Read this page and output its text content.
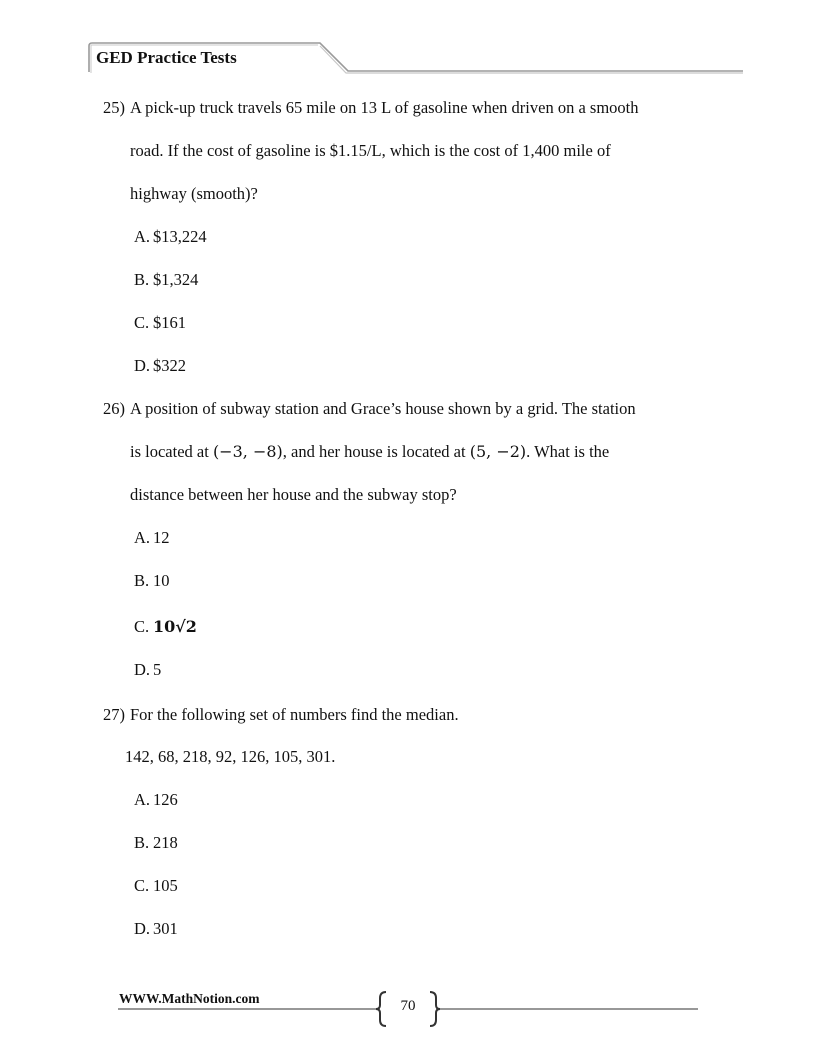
GED Practice Tests
25) A pick-up truck travels 65 mile on 13 L of gasoline when driven on a smooth
road. If the cost of gasoline is $1.15/L, which is the cost of 1,400 mile of
highway (smooth)?
A. $13,224
B. $1,324
C. $161
D. $322
26) A position of subway station and Grace’s house shown by a grid. The station
is located at (−3, −8), and her house is located at (5, −2). What is the
distance between her house and the subway stop?
A. 12
B. 10
C. 10√2
D. 5
27) For the following set of numbers find the median.
142, 68, 218, 92, 126, 105, 301.
A. 126
B. 218
C. 105
D. 301
WWW.MathNotion.com	70
